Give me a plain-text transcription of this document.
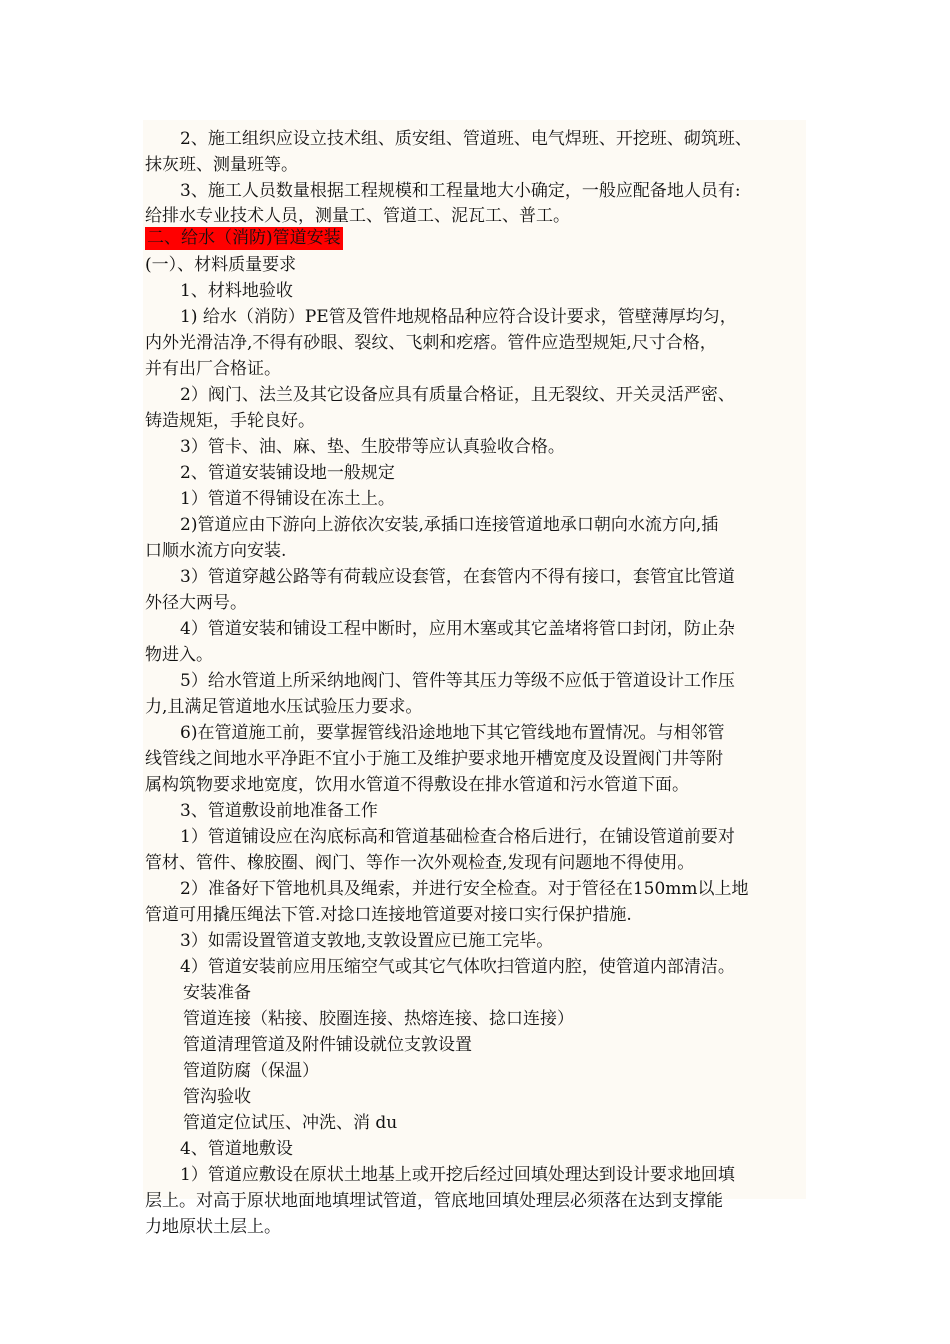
2、施工组织应设立技术组、质安组、管道班、电气焊班、开挖班、砌筑班、
抹灰班、测量班等。
3、施工人员数量根据工程规模和工程量地大小确定，一般应配备地人员有:
给排水专业技术人员，测量工、管道工、泥瓦工、普工。
二、给水（消防)管道安装
(一）、材料质量要求
1、材料地验收
1) 给水（消防）PE管及管件地规格品种应符合设计要求，管壁薄厚均匀，
内外光滑洁净,不得有砂眼、裂纹、飞刺和疙瘩。管件应造型规矩,尺寸合格，
并有出厂合格证。
2）阀门、法兰及其它设备应具有质量合格证，且无裂纹、开关灵活严密、
铸造规矩，手轮良好。
3）管卡、油、麻、垫、生胶带等应认真验收合格。
2、管道安装铺设地一般规定
1）管道不得铺设在冻土上。
2)管道应由下游向上游依次安装,承插口连接管道地承口朝向水流方向,插
口顺水流方向安装.
3）管道穿越公路等有荷载应设套管，在套管内不得有接口，套管宜比管道
外径大两号。
4）管道安装和铺设工程中断时，应用木塞或其它盖堵将管口封闭，防止杂
物进入。
5）给水管道上所采纳地阀门、管件等其压力等级不应低于管道设计工作压
力,且满足管道地水压试验压力要求。
6)在管道施工前，要掌握管线沿途地地下其它管线地布置情况。与相邻管
线管线之间地水平净距不宜小于施工及维护要求地开槽宽度及设置阀门井等附
属构筑物要求地宽度，饮用水管道不得敷设在排水管道和污水管道下面。
3、管道敷设前地准备工作
1）管道铺设应在沟底标高和管道基础检查合格后进行，在铺设管道前要对
管材、管件、橡胶圈、阀门、等作一次外观检查,发现有问题地不得使用。
2）准备好下管地机具及绳索，并进行安全检查。对于管径在150mm以上地
管道可用撬压绳法下管.对捻口连接地管道要对接口实行保护措施.
3）如需设置管道支敦地,支敦设置应已施工完毕。
4）管道安装前应用压缩空气或其它气体吹扫管道内腔，使管道内部清洁。
安装准备
管道连接（粘接、胶圈连接、热熔连接、捻口连接）
管道清理管道及附件铺设就位支敦设置
管道防腐（保温）
管沟验收
管道定位试压、冲洗、消 du
4、管道地敷设
1）管道应敷设在原状土地基上或开挖后经过回填处理达到设计要求地回填
层上。对高于原状地面地填埋试管道，管底地回填处理层必须落在达到支撑能
力地原状土层上。
